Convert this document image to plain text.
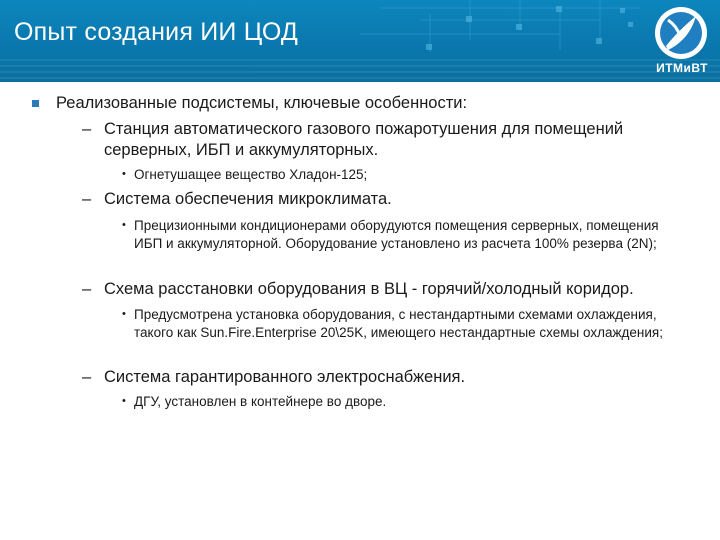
Опыт создания ИИ ЦОД
ИТМиВТ
Реализованные подсистемы, ключевые особенности:
– Станция автоматического газового пожаротушения для помещений серверных, ИБП и аккумуляторных.
• Огнетушащее вещество Хладон-125;
– Система обеспечения микроклимата.
• Прецизионными кондиционерами оборудуются помещения серверных, помещения ИБП и аккумуляторной. Оборудование установлено из расчета 100% резерва (2N);
– Схема расстановки оборудования в ВЦ - горячий/холодный коридор.
• Предусмотрена установка оборудования, с нестандартными схемами охлаждения, такого как Sun.Fire.Enterprise 20\25K, имеющего нестандартные схемы охлаждения;
– Система гарантированного электроснабжения.
• ДГУ, установлен в контейнере во дворе.
